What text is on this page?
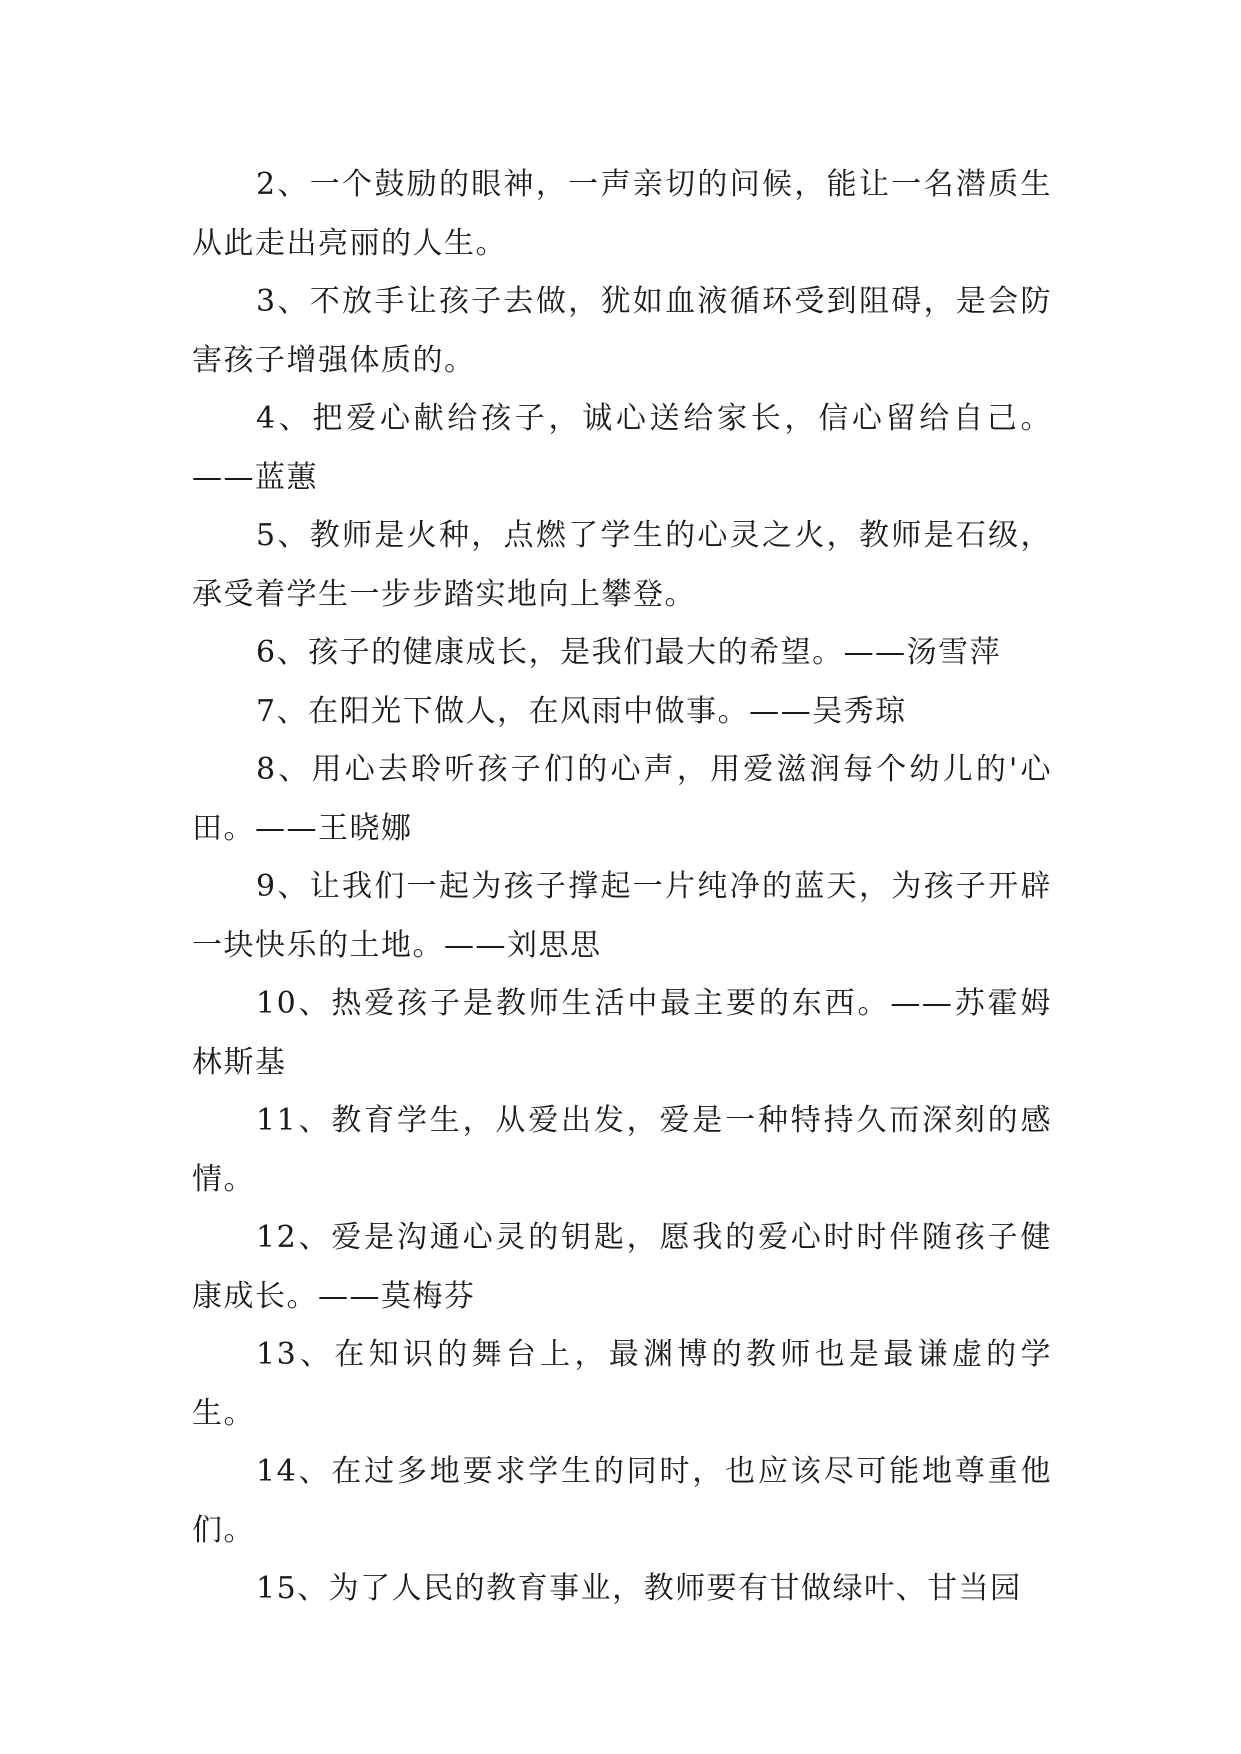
2、一个鼓励的眼神，一声亲切的问候，能让一名潜质生从此走出亮丽的人生。

3、不放手让孩子去做，犹如血液循环受到阻碍，是会防害孩子增强体质的。

4、把爱心献给孩子，诚心送给家长，信心留给自己。——蓝蕙

5、教师是火种，点燃了学生的心灵之火，教师是石级，承受着学生一步步踏实地向上攀登。

6、孩子的健康成长，是我们最大的希望。——汤雪萍

7、在阳光下做人，在风雨中做事。——吴秀琼

8、用心去聆听孩子们的心声，用爱滋润每个幼儿的'心田。——王晓娜

9、让我们一起为孩子撑起一片纯净的蓝天，为孩子开辟一块快乐的土地。——刘思思

10、热爱孩子是教师生活中最主要的东西。——苏霍姆林斯基

11、教育学生，从爱出发，爱是一种特持久而深刻的感情。

12、爱是沟通心灵的钥匙，愿我的爱心时时伴随孩子健康成长。——莫梅芬

13、在知识的舞台上，最渊博的教师也是最谦虚的学生。

14、在过多地要求学生的同时，也应该尽可能地尊重他们。

15、为了人民的教育事业，教师要有甘做绿叶、甘当园
